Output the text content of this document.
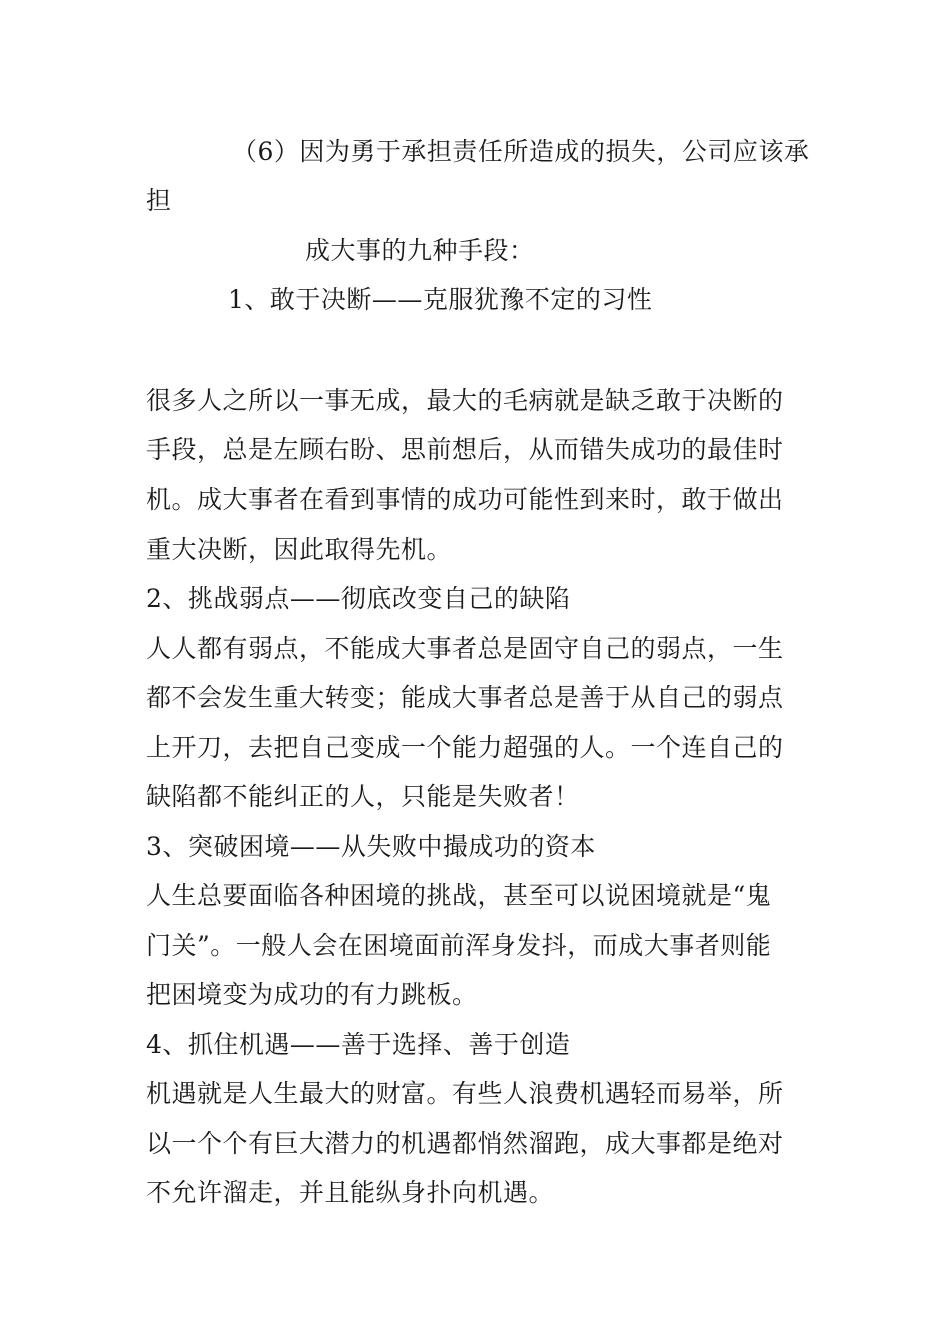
（6）因为勇于承担责任所造成的损失，公司应该承
担
成大事的九种手段：
1、敢于决断——克服犹豫不定的习性
很多人之所以一事无成，最大的毛病就是缺乏敢于决断的
手段，总是左顾右盼、思前想后，从而错失成功的最佳时
机。成大事者在看到事情的成功可能性到来时，敢于做出
重大决断，因此取得先机。
2、挑战弱点——彻底改变自己的缺陷
人人都有弱点，不能成大事者总是固守自己的弱点，一生
都不会发生重大转变；能成大事者总是善于从自己的弱点
上开刀，去把自己变成一个能力超强的人。一个连自己的
缺陷都不能纠正的人，只能是失败者！
3、突破困境——从失败中撮成功的资本
人生总要面临各种困境的挑战，甚至可以说困境就是“鬼
门关”。一般人会在困境面前浑身发抖，而成大事者则能
把困境变为成功的有力跳板。
4、抓住机遇——善于选择、善于创造
机遇就是人生最大的财富。有些人浪费机遇轻而易举，所
以一个个有巨大潜力的机遇都悄然溜跑，成大事都是绝对
不允许溜走，并且能纵身扑向机遇。
